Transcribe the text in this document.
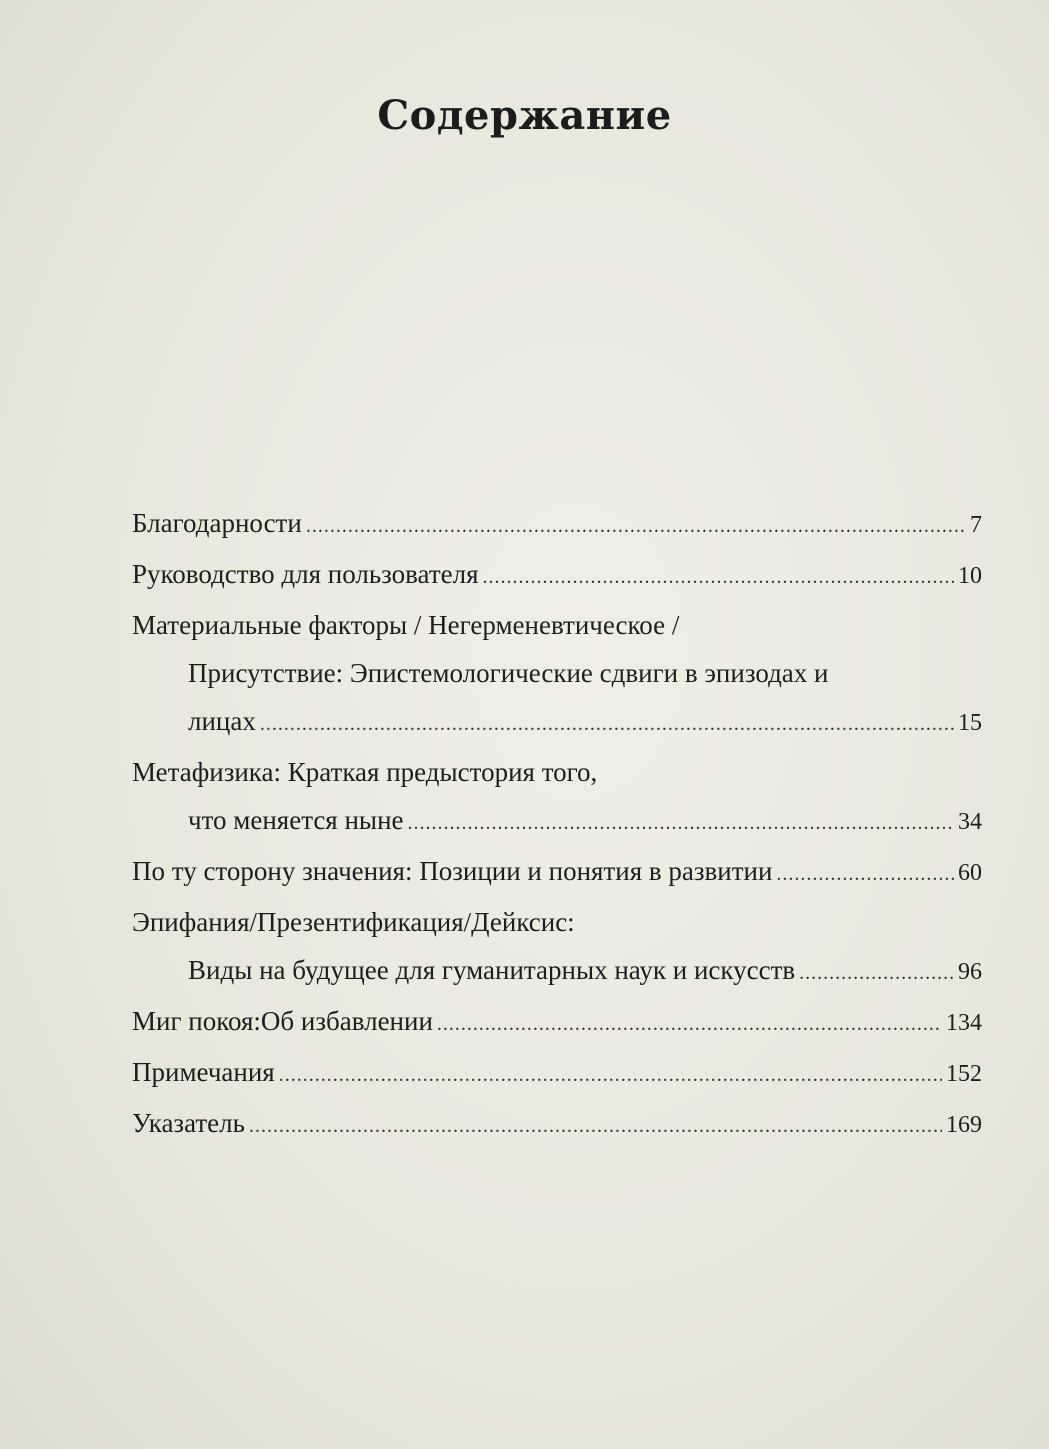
Содержание
Благодарности .....	7
Руководство для пользователя .....	10
Материальные факторы / Негерменевтическое /
Присутствие: Эпистемологические сдвиги в эпизодах и
лицах .....	15
Метафизика: Краткая предыстория того,
что меняется ныне .....	34
По ту сторону значения: Позиции и понятия в развитии .....	60
Эпифания/Презентификация/Дейксис:
Виды на будущее для гуманитарных наук и искусств .....	96
Миг покоя:Об избавлении .....	134
Примечания .....	152
Указатель .....	169
